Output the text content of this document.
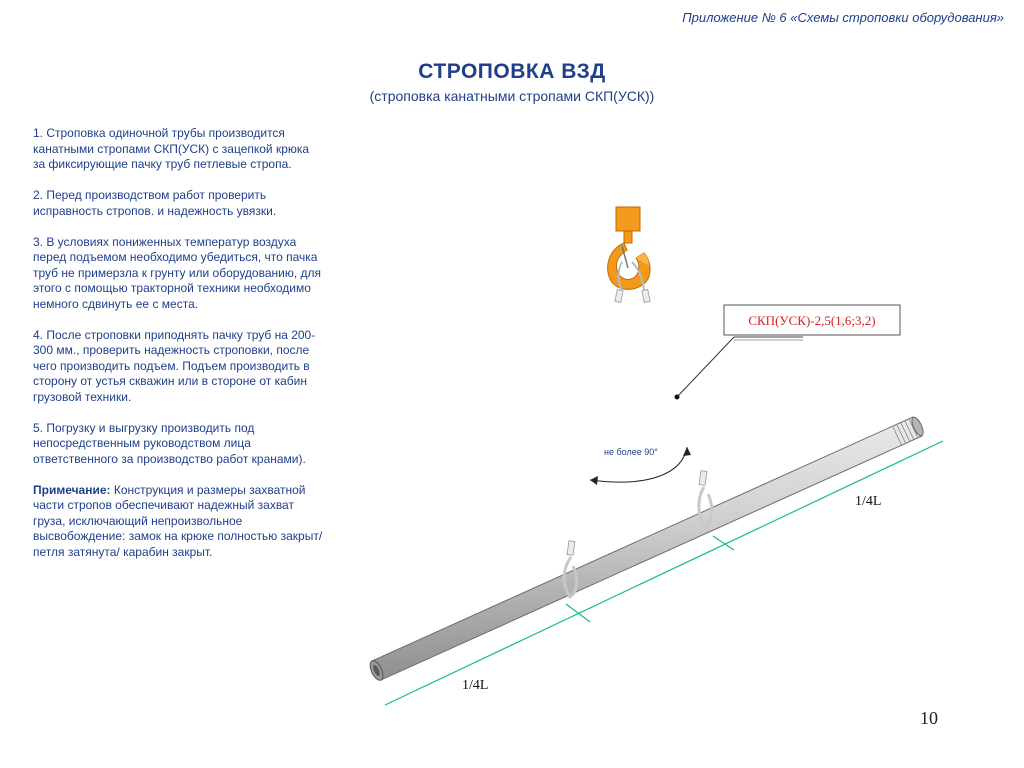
Приложение № 6 «Схемы строповки оборудования»
СТРОПОВКА ВЗД
(строповка канатными стропами СКП(УСК))

1. Строповка одиночной трубы производится канатными стропами СКП(УСК) с зацепкой крюка за фиксирующие пачку труб петлевые стропа.

2. Перед производством работ проверить исправность стропов. и надежность увязки.

3. В условиях пониженных температур воздуха перед подъемом необходимо убедиться, что пачка труб не примерзла к грунту или оборудованию, для этого с помощью тракторной техники необходимо немного сдвинуть ее с места.

4. После строповки приподнять пачку труб на 200-300 мм., проверить надежность строповки, после чего производить подъем. Подъем производить в сторону от устья скважин или в стороне от кабин грузовой техники.

5. Погрузку и выгрузку производить под непосредственным руководством лица ответственного за производство работ кранами).

Примечание: Конструкция и размеры захватной части стропов обеспечивают надежный захват груза, исключающий непроизвольное высвобождение: замок на крюке полностью закрыт/ петля затянута/ карабин закрыт.

СКП(УСК)-2,5(1,6;3,2)
не более 90°
1/4L
1/4L
10
